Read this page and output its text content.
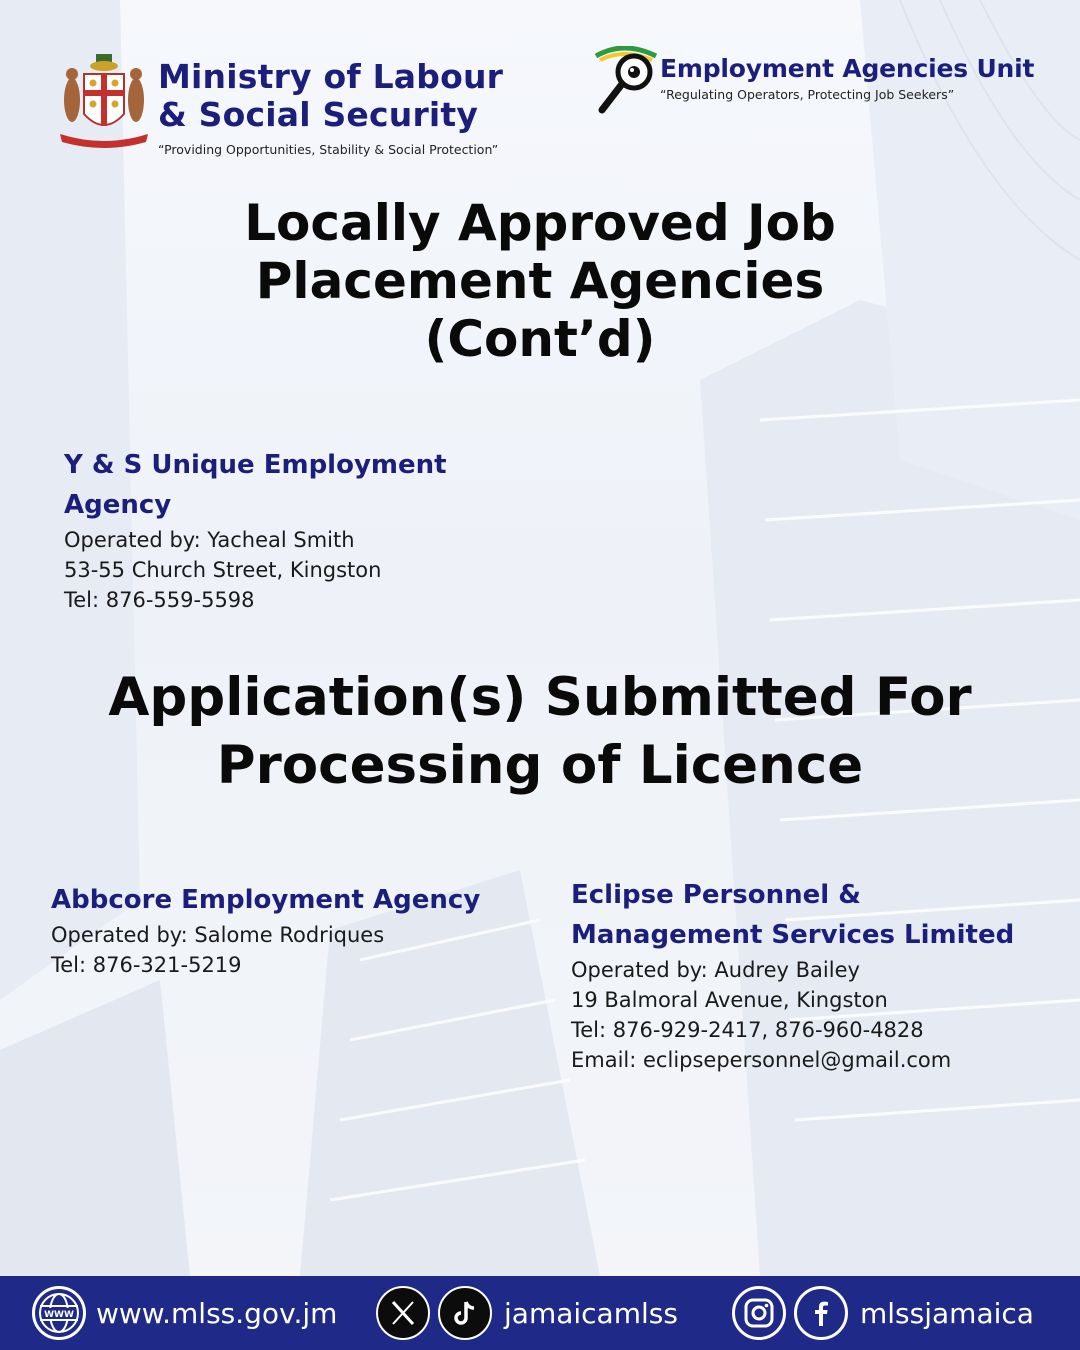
Ministry of Labour
& Social Security
“Providing Opportunities, Stability & Social Protection”
Employment Agencies Unit
“Regulating Operators, Protecting Job Seekers”
Locally Approved Job
Placement Agencies
(Cont’d)
Y & S Unique Employment
Agency
Operated by: Yacheal Smith
53-55 Church Street, Kingston
Tel: 876-559-5598
Application(s) Submitted For
Processing of Licence
Abbcore Employment Agency
Operated by: Salome Rodriques
Tel: 876-321-5219
Eclipse Personnel &
Management Services Limited
Operated by: Audrey Bailey
19 Balmoral Avenue, Kingston
Tel: 876-929-2417, 876-960-4828
Email: eclipsepersonnel@gmail.com
WWW www.mlss.gov.jm	jamaicamlss	mlssjamaica
